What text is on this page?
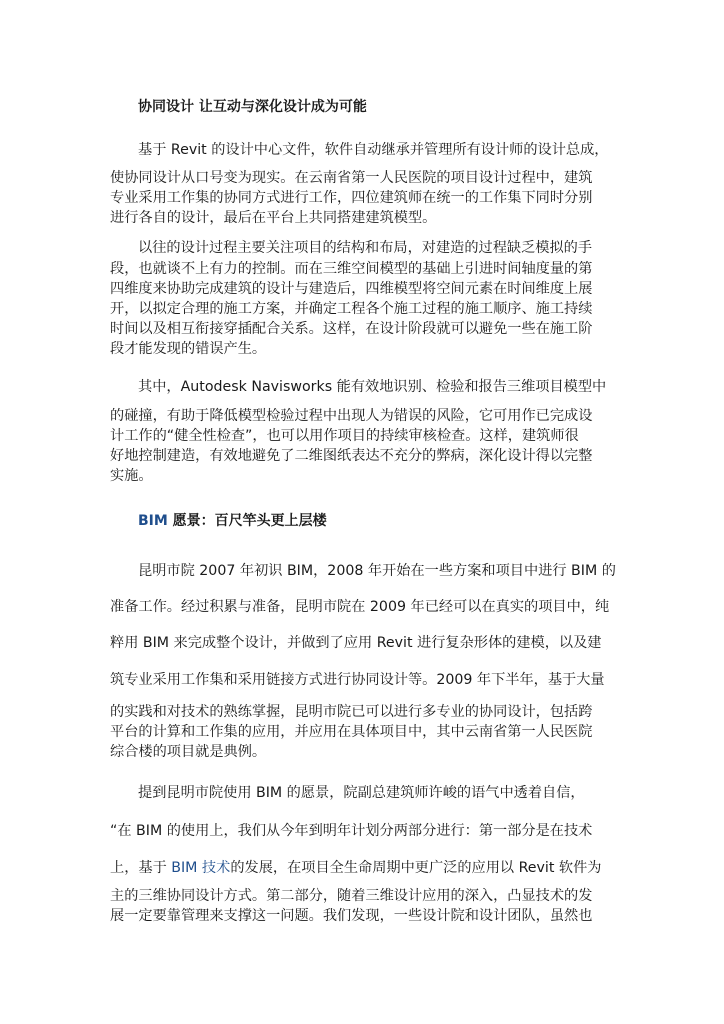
协同设计 让互动与深化设计成为可能
基于 Revit 的设计中心文件，软件自动继承并管理所有设计师的设计总成，
使协同设计从口号变为现实。在云南省第一人民医院的项目设计过程中，建筑
专业采用工作集的协同方式进行工作，四位建筑师在统一的工作集下同时分别
进行各自的设计，最后在平台上共同搭建建筑模型。
以往的设计过程主要关注项目的结构和布局，对建造的过程缺乏模拟的手
段，也就谈不上有力的控制。而在三维空间模型的基础上引进时间轴度量的第
四维度来协助完成建筑的设计与建造后，四维模型将空间元素在时间维度上展
开，以拟定合理的施工方案，并确定工程各个施工过程的施工顺序、施工持续
时间以及相互衔接穿插配合关系。这样，在设计阶段就可以避免一些在施工阶
段才能发现的错误产生。
其中，Autodesk Navisworks 能有效地识别、检验和报告三维项目模型中
的碰撞，有助于降低模型检验过程中出现人为错误的风险，它可用作已完成设
计工作的“健全性检查”，也可以用作项目的持续审核检查。这样，建筑师很
好地控制建造，有效地避免了二维图纸表达不充分的弊病，深化设计得以完整
实施。
BIM 愿景：百尺竿头更上层楼
昆明市院 2007 年初识 BIM，2008 年开始在一些方案和项目中进行 BIM 的
准备工作。经过积累与准备，昆明市院在 2009 年已经可以在真实的项目中，纯
粹用 BIM 来完成整个设计，并做到了应用 Revit 进行复杂形体的建模，以及建
筑专业采用工作集和采用链接方式进行协同设计等。2009 年下半年，基于大量
的实践和对技术的熟练掌握，昆明市院已可以进行多专业的协同设计，包括跨
平台的计算和工作集的应用，并应用在具体项目中，其中云南省第一人民医院
综合楼的项目就是典例。
提到昆明市院使用 BIM 的愿景，院副总建筑师许峻的语气中透着自信，
“在 BIM 的使用上，我们从今年到明年计划分两部分进行：第一部分是在技术
上，基于 BIM 技术的发展，在项目全生命周期中更广泛的应用以 Revit 软件为
主的三维协同设计方式。第二部分，随着三维设计应用的深入，凸显技术的发
展一定要靠管理来支撑这一问题。我们发现，一些设计院和设计团队，虽然也
